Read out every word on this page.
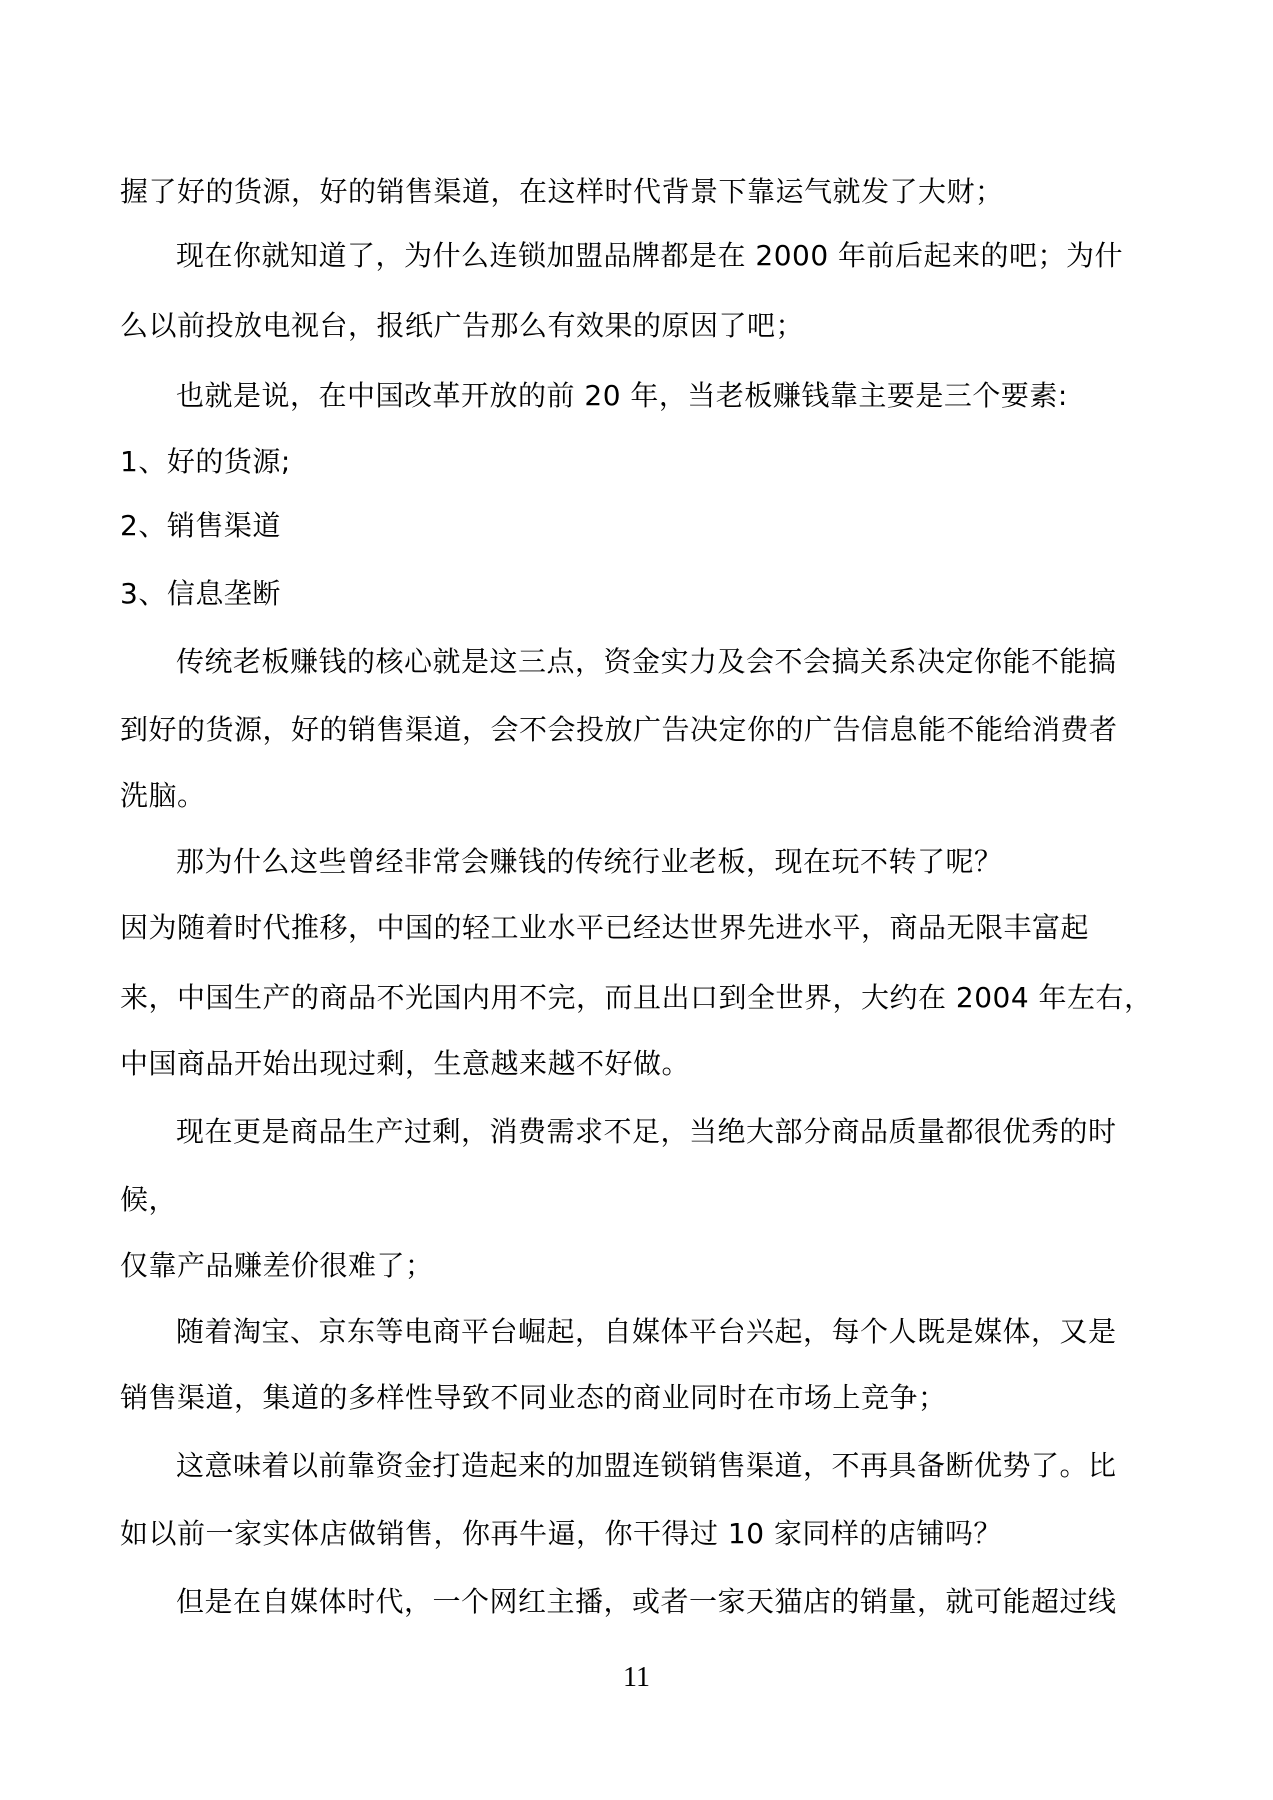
握了好的货源，好的销售渠道，在这样时代背景下靠运气就发了大财；
现在你就知道了，为什么连锁加盟品牌都是在 2000 年前后起来的吧；为什
么以前投放电视台，报纸广告那么有效果的原因了吧；
也就是说，在中国改革开放的前 20 年，当老板赚钱靠主要是三个要素:
1、好的货源;
2、销售渠道
3、信息垄断
传统老板赚钱的核心就是这三点，资金实力及会不会搞关系决定你能不能搞
到好的货源，好的销售渠道，会不会投放广告决定你的广告信息能不能给消费者
洗脑。
那为什么这些曾经非常会赚钱的传统行业老板，现在玩不转了呢？
因为随着时代推移，中国的轻工业水平已经达世界先进水平，商品无限丰富起
来，中国生产的商品不光国内用不完，而且出口到全世界，大约在 2004 年左右，
中国商品开始出现过剩，生意越来越不好做。
现在更是商品生产过剩，消费需求不足，当绝大部分商品质量都很优秀的时
候，
仅靠产品赚差价很难了；
随着淘宝、京东等电商平台崛起，自媒体平台兴起，每个人既是媒体，又是
销售渠道，集道的多样性导致不同业态的商业同时在市场上竞争；
这意味着以前靠资金打造起来的加盟连锁销售渠道，不再具备断优势了。比
如以前一家实体店做销售，你再牛逼，你干得过 10 家同样的店铺吗？
但是在自媒体时代，一个网红主播，或者一家天猫店的销量，就可能超过线
11
